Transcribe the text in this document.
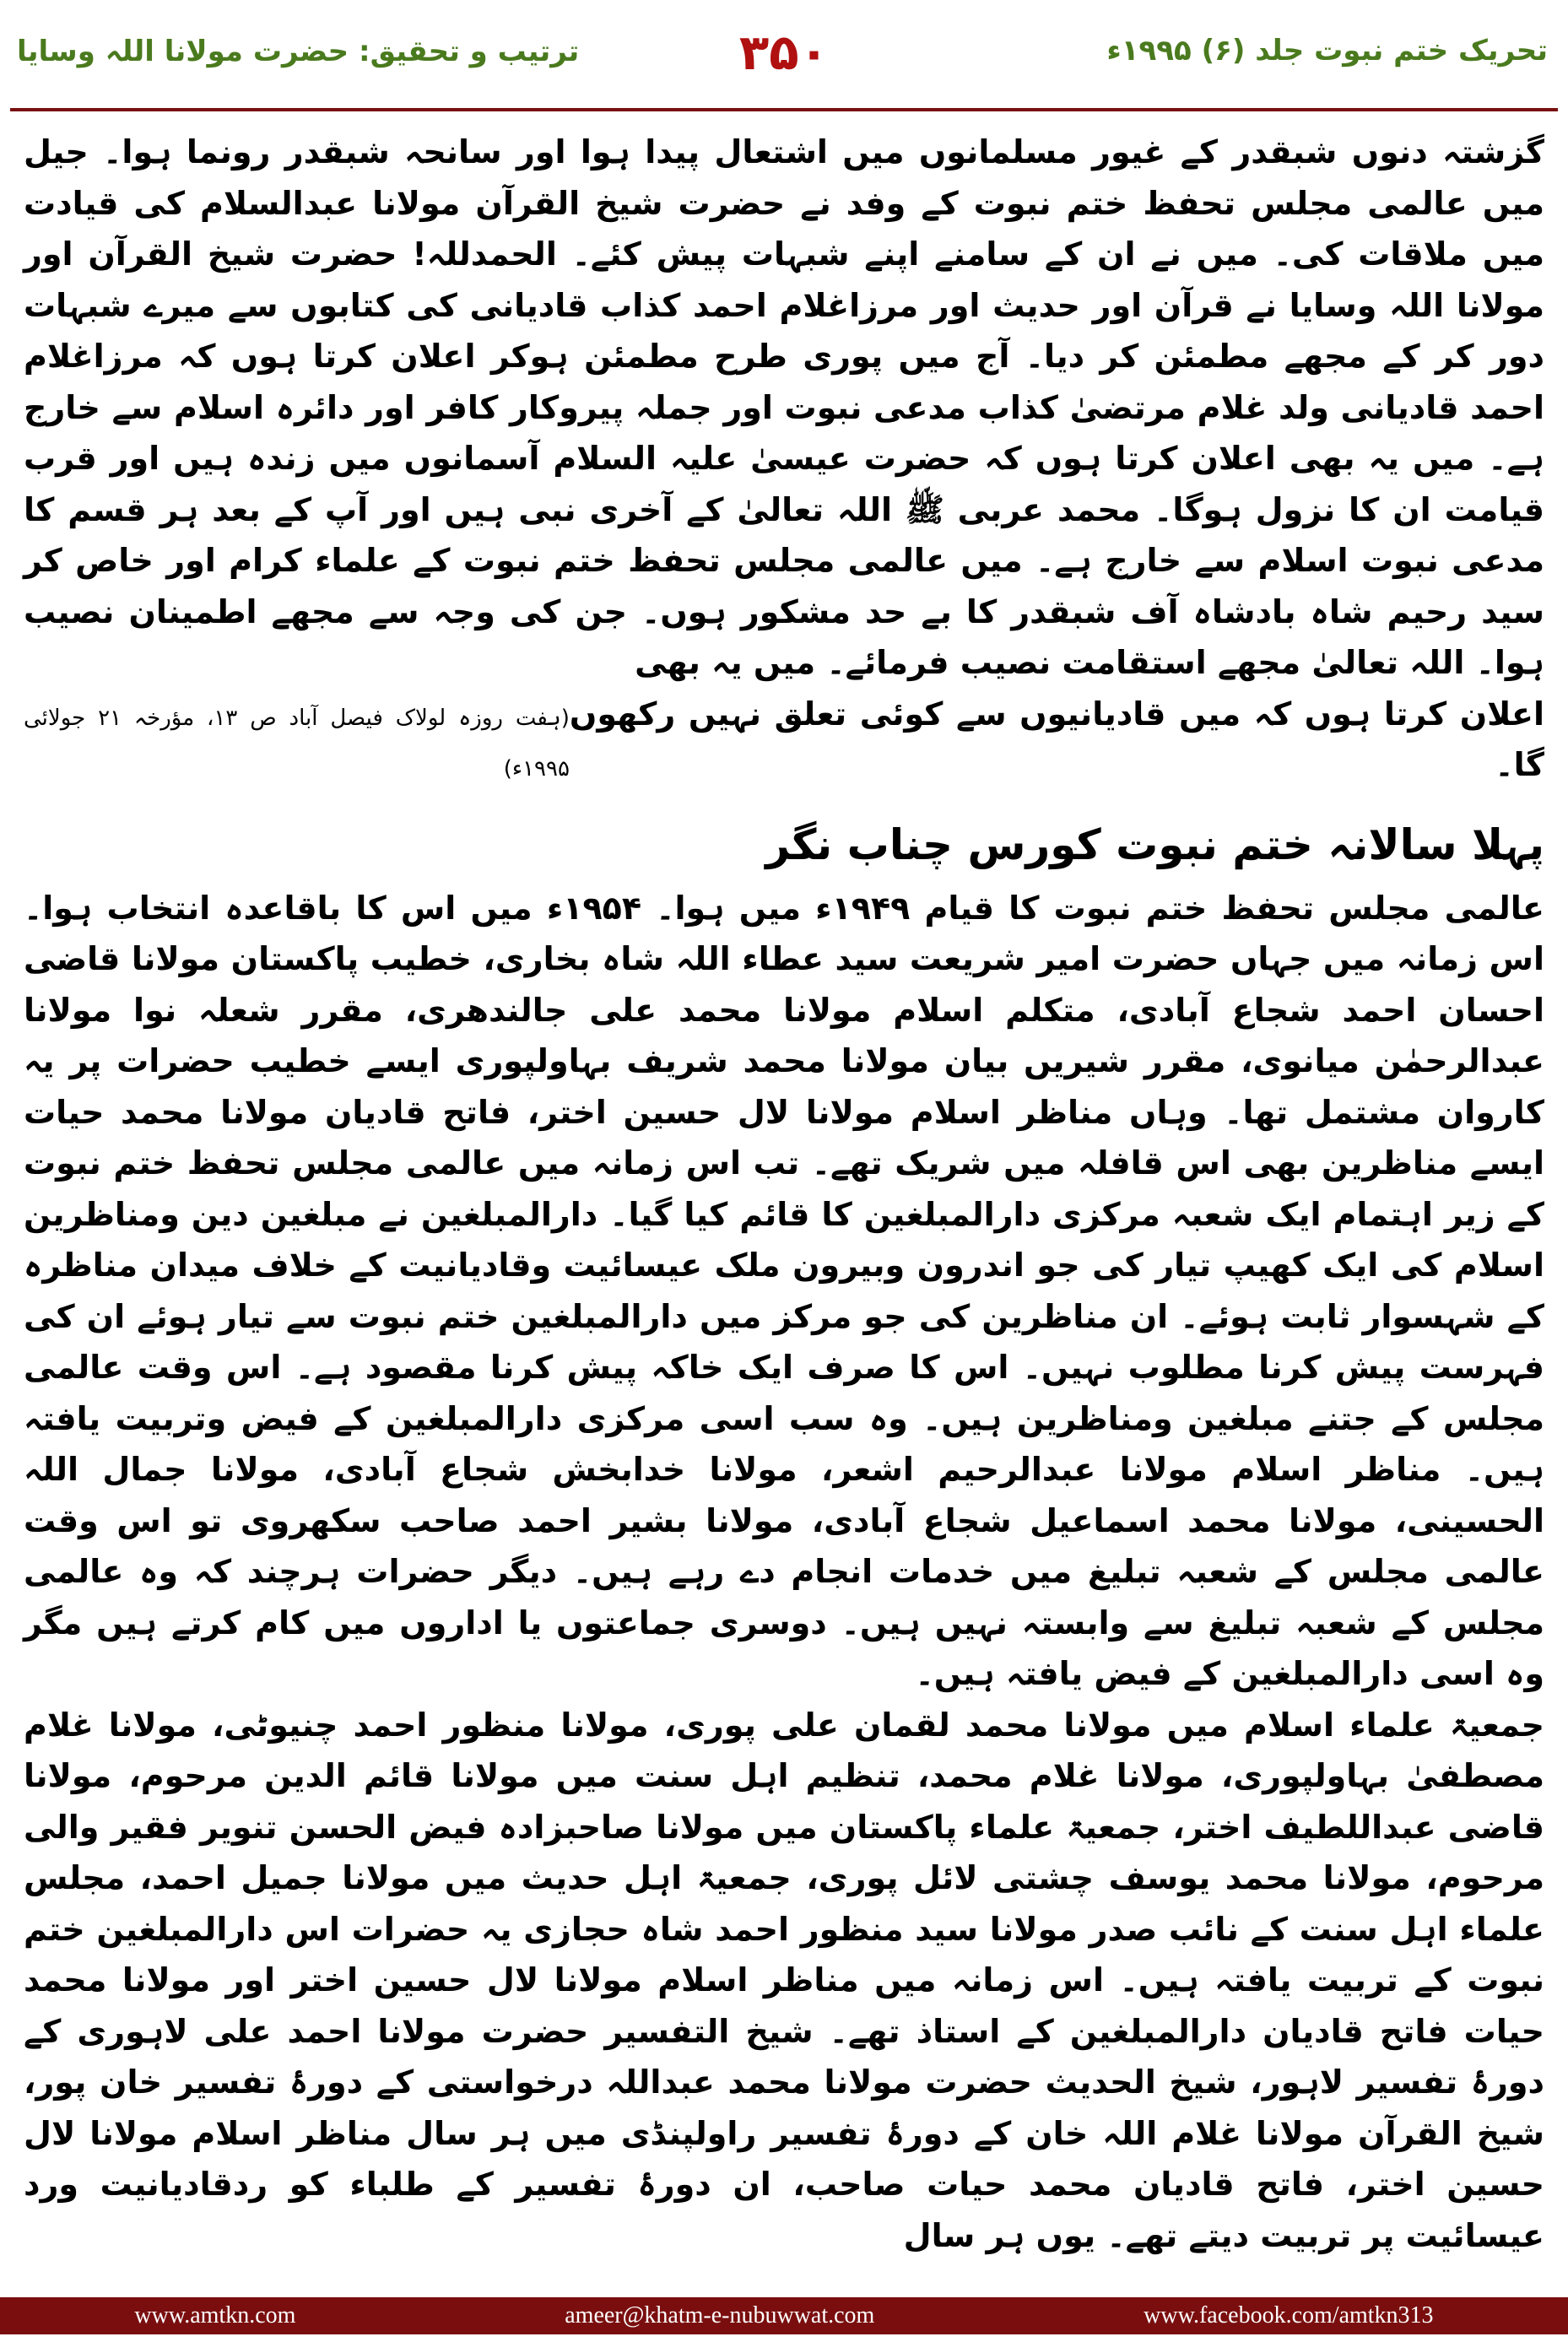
ترتیب و تحقیق: حضرت مولانا اللہ وسایا	۳۵۰	تحریک ختم نبوت جلد (۶) ۱۹۹۵ء

گزشتہ دنوں شبقدر کے غیور مسلمانوں میں اشتعال پیدا ہوا اور سانحہ شبقدر رونما ہوا۔ جیل میں عالمی مجلس تحفظ ختم نبوت کے وفد نے حضرت شیخ القرآن مولانا عبدالسلام کی قیادت میں ملاقات کی۔ میں نے ان کے سامنے اپنے شبہات پیش کئے۔ الحمدللہ! حضرت شیخ القرآن اور مولانا اللہ وسایا نے قرآن اور حدیث اور مرزاغلام احمد کذاب قادیانی کی کتابوں سے میرے شبہات دور کر کے مجھے مطمئن کر دیا۔ آج میں پوری طرح مطمئن ہوکر اعلان کرتا ہوں کہ مرزاغلام احمد قادیانی ولد غلام مرتضیٰ کذاب مدعی نبوت اور جملہ پیروکار کافر اور دائرہ اسلام سے خارج ہے۔ میں یہ بھی اعلان کرتا ہوں کہ حضرت عیسیٰ علیہ السلام آسمانوں میں زندہ ہیں اور قرب قیامت ان کا نزول ہوگا۔ محمد عربی ﷺ اللہ تعالیٰ کے آخری نبی ہیں اور آپ کے بعد ہر قسم کا مدعی نبوت اسلام سے خارج ہے۔ میں عالمی مجلس تحفظ ختم نبوت کے علماء کرام اور خاص کر سید رحیم شاہ بادشاہ آف شبقدر کا بے حد مشکور ہوں۔ جن کی وجہ سے مجھے اطمینان نصیب ہوا۔ اللہ تعالیٰ مجھے استقامت نصیب فرمائے۔ میں یہ بھی

اعلان کرتا ہوں کہ میں قادیانیوں سے کوئی تعلق نہیں رکھوں گا۔
(ہفت روزہ لولاک فیصل آباد ص ۱۳، مؤرخہ ۲۱ جولائی ۱۹۹۵ء)
پہلا سالانہ ختم نبوت کورس چناب نگر

عالمی مجلس تحفظ ختم نبوت کا قیام ۱۹۴۹ء میں ہوا۔ ۱۹۵۴ء میں اس کا باقاعدہ انتخاب ہوا۔ اس زمانہ میں جہاں حضرت امیر شریعت سید عطاء اللہ شاہ بخاری، خطیب پاکستان مولانا قاضی احسان احمد شجاع آبادی، متکلم اسلام مولانا محمد علی جالندھری، مقرر شعلہ نوا مولانا عبدالرحمٰن میانوی، مقرر شیریں بیان مولانا محمد شریف بہاولپوری ایسے خطیب حضرات پر یہ کاروان مشتمل تھا۔ وہاں مناظر اسلام مولانا لال حسین اختر، فاتح قادیان مولانا محمد حیات ایسے مناظرین بھی اس قافلہ میں شریک تھے۔ تب اس زمانہ میں عالمی مجلس تحفظ ختم نبوت کے زیر اہتمام ایک شعبہ مرکزی دارالمبلغین کا قائم کیا گیا۔ دارالمبلغین نے مبلغین دین ومناظرین اسلام کی ایک کھیپ تیار کی جو اندرون وبیرون ملک عیسائیت وقادیانیت کے خلاف میدان مناظرہ کے شہسوار ثابت ہوئے۔ ان مناظرین کی جو مرکز میں دارالمبلغین ختم نبوت سے تیار ہوئے ان کی فہرست پیش کرنا مطلوب نہیں۔ اس کا صرف ایک خاکہ پیش کرنا مقصود ہے۔ اس وقت عالمی مجلس کے جتنے مبلغین ومناظرین ہیں۔ وہ سب اسی مرکزی دارالمبلغین کے فیض وتربیت یافتہ ہیں۔ مناظر اسلام مولانا عبدالرحیم اشعر، مولانا خدابخش شجاع آبادی، مولانا جمال اللہ الحسینی، مولانا محمد اسماعیل شجاع آبادی، مولانا بشیر احمد صاحب سکھروی تو اس وقت عالمی مجلس کے شعبہ تبلیغ میں خدمات انجام دے رہے ہیں۔ دیگر حضرات ہرچند کہ وہ عالمی مجلس کے شعبہ تبلیغ سے وابستہ نہیں ہیں۔ دوسری جماعتوں یا اداروں میں کام کرتے ہیں مگر وہ اسی دارالمبلغین کے فیض یافتہ ہیں۔

جمعیۃ علماء اسلام میں مولانا محمد لقمان علی پوری، مولانا منظور احمد چنیوٹی، مولانا غلام مصطفیٰ بہاولپوری، مولانا غلام محمد، تنظیم اہل سنت میں مولانا قائم الدین مرحوم، مولانا قاضی عبداللطیف اختر، جمعیۃ علماء پاکستان میں مولانا صاحبزادہ فیض الحسن تنویر فقیر والی مرحوم، مولانا محمد یوسف چشتی لائل پوری، جمعیۃ اہل حدیث میں مولانا جمیل احمد، مجلس علماء اہل سنت کے نائب صدر مولانا سید منظور احمد شاہ حجازی یہ حضرات اس دارالمبلغین ختم نبوت کے تربیت یافتہ ہیں۔ اس زمانہ میں مناظر اسلام مولانا لال حسین اختر اور مولانا محمد حیات فاتح قادیان دارالمبلغین کے استاذ تھے۔ شیخ التفسیر حضرت مولانا احمد علی لاہوری کے دورۂ تفسیر لاہور، شیخ الحدیث حضرت مولانا محمد عبداللہ درخواستی کے دورۂ تفسیر خان پور، شیخ القرآن مولانا غلام اللہ خان کے دورۂ تفسیر راولپنڈی میں ہر سال مناظر اسلام مولانا لال حسین اختر، فاتح قادیان محمد حیات صاحب، ان دورۂ تفسیر کے طلباء کو ردقادیانیت ورد عیسائیت پر تربیت دیتے تھے۔ یوں ہر سال

www.amtkn.com	ameer@khatm-e-nubuwwat.com	www.facebook.com/amtkn313
